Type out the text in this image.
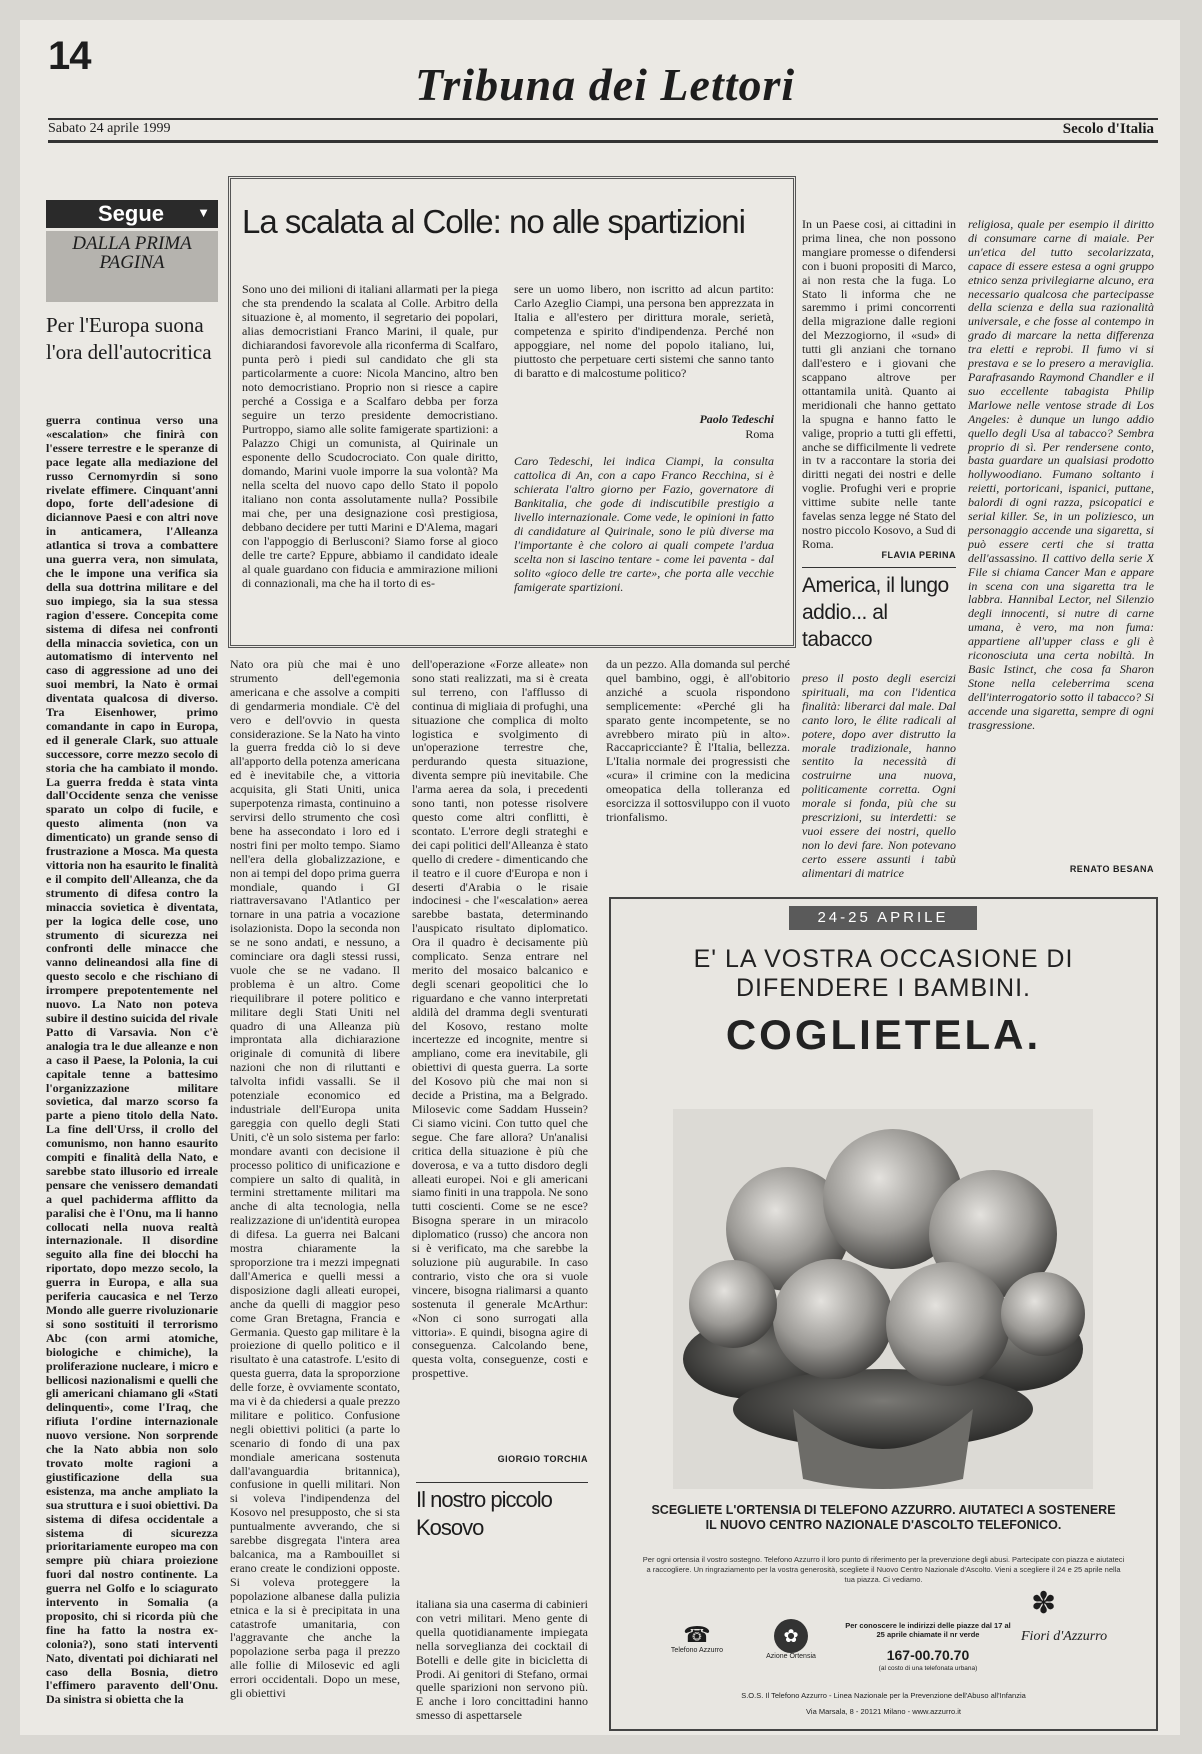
14
Tribuna dei Lettori
Sabato 24 aprile 1999	Secolo d'Italia
Segue	▼
DALLA PRIMA PAGINA
Per l'Europa suona l'ora dell'autocritica

guerra continua verso una «escalation» che finirà con l'essere terrestre e le speranze di pace legate alla mediazione del russo Cernomyrdin si sono rivelate effimere. Cinquant'anni dopo, forte dell'adesione di diciannove Paesi e con altri nove in anticamera, l'Alleanza atlantica si trova a combattere una guerra vera, non simulata, che le impone una verifica sia della sua dottrina militare e del suo impiego, sia la sua stessa ragion d'essere. Concepita come sistema di difesa nei confronti della minaccia sovietica, con un automatismo di intervento nel caso di aggressione ad uno dei suoi membri, la Nato è ormai diventata qualcosa di diverso. Tra Eisenhower, primo comandante in capo in Europa, ed il generale Clark, suo attuale successore, corre mezzo secolo di storia che ha cambiato il mondo. La guerra fredda è stata vinta dall'Occidente senza che venisse sparato un colpo di fucile, e questo alimenta (non va dimenticato) un grande senso di frustrazione a Mosca. Ma questa vittoria non ha esaurito le finalità e il compito dell'Alleanza, che da strumento di difesa contro la minaccia sovietica è diventata, per la logica delle cose, uno strumento di sicurezza nei confronti delle minacce che vanno delineandosi alla fine di questo secolo e che rischiano di irrompere prepotentemente nel nuovo. La Nato non poteva subire il destino suicida del rivale Patto di Varsavia. Non c'è analogia tra le due alleanze e non a caso il Paese, la Polonia, la cui capitale tenne a battesimo l'organizzazione militare sovietica, dal marzo scorso fa parte a pieno titolo della Nato. La fine dell'Urss, il crollo del comunismo, non hanno esaurito compiti e finalità della Nato, e sarebbe stato illusorio ed irreale pensare che venissero demandati a quel pachiderma afflitto da paralisi che è l'Onu, ma li hanno collocati nella nuova realtà internazionale. Il disordine seguito alla fine dei blocchi ha riportato, dopo mezzo secolo, la guerra in Europa, e alla sua periferia caucasica e nel Terzo Mondo alle guerre rivoluzionarie si sono sostituiti il terrorismo Abc (con armi atomiche, biologiche e chimiche), la proliferazione nucleare, i micro e bellicosi nazionalismi e quelli che gli americani chiamano gli «Stati delinquenti», come l'Iraq, che rifiuta l'ordine internazionale nuovo versione. Non sorprende che la Nato abbia non solo trovato molte ragioni a giustificazione della sua esistenza, ma anche ampliato la sua struttura e i suoi obiettivi. Da sistema di difesa occidentale a sistema di sicurezza prioritariamente europeo ma con sempre più chiara proiezione fuori dal nostro continente. La guerra nel Golfo e lo sciagurato intervento in Somalia (a proposito, chi si ricorda più che fine ha fatto la nostra ex-colonia?), sono stati interventi Nato, diventati poi dichiarati nel caso della Bosnia, dietro l'effimero paravento dell'Onu. Da sinistra si obietta che la

Nato ora più che mai è uno strumento dell'egemonia americana e che assolve a compiti di gendarmeria mondiale. C'è del vero e dell'ovvio in questa considerazione. Se la Nato ha vinto la guerra fredda ciò lo si deve all'apporto della potenza americana ed è inevitabile che, a vittoria acquisita, gli Stati Uniti, unica superpotenza rimasta, continuino a servirsi dello strumento che così bene ha assecondato i loro ed i nostri fini per molto tempo. Siamo nell'era della globalizzazione, e non ai tempi del dopo prima guerra mondiale, quando i GI riattraversavano l'Atlantico per tornare in una patria a vocazione isolazionista. Dopo la seconda non se ne sono andati, e nessuno, a cominciare ora dagli stessi russi, vuole che se ne vadano. Il problema è un altro. Come riequilibrare il potere politico e militare degli Stati Uniti nel quadro di una Alleanza più improntata alla dichiarazione originale di comunità di libere nazioni che non di riluttanti e talvolta infidi vassalli. Se il potenziale economico ed industriale dell'Europa unita gareggia con quello degli Stati Uniti, c'è un solo sistema per farlo: mondare avanti con decisione il processo politico di unificazione e compiere un salto di qualità, in termini strettamente militari ma anche di alta tecnologia, nella realizzazione di un'identità europea di difesa. La guerra nei Balcani mostra chiaramente la sproporzione tra i mezzi impegnati dall'America e quelli messi a disposizione dagli alleati europei, anche da quelli di maggior peso come Gran Bretagna, Francia e Germania. Questo gap militare è la proiezione di quello politico e il risultato è una catastrofe. L'esito di questa guerra, data la sproporzione delle forze, è ovviamente scontato, ma vi è da chiedersi a quale prezzo militare e politico. Confusione negli obiettivi politici (a parte lo scenario di fondo di una pax mondiale americana sostenuta dall'avanguardia britannica), confusione in quelli militari. Non si voleva l'indipendenza del Kosovo nel presupposto, che si sta puntualmente avverando, che si sarebbe disgregata l'intera area balcanica, ma a Rambouillet si erano create le condizioni opposte. Si voleva proteggere la popolazione albanese dalla pulizia etnica e la si è precipitata in una catastrofe umanitaria, con l'aggravante che anche la popolazione serba paga il prezzo alle follie di Milosevic ed agli errori occidentali. Dopo un mese, gli obiettivi

dell'operazione «Forze alleate» non sono stati realizzati, ma si è creata sul terreno, con l'afflusso di continua di migliaia di profughi, una situazione che complica di molto logistica e svolgimento di un'operazione terrestre che, perdurando questa situazione, diventa sempre più inevitabile. Che l'arma aerea da sola, i precedenti sono tanti, non potesse risolvere questo come altri conflitti, è scontato. L'errore degli strateghi e dei capi politici dell'Alleanza è stato quello di credere - dimenticando che il teatro e il cuore d'Europa e non i deserti d'Arabia o le risaie indocinesi - che l'«escalation» aerea sarebbe bastata, determinando l'auspicato risultato diplomatico. Ora il quadro è decisamente più complicato. Senza entrare nel merito del mosaico balcanico e degli scenari geopolitici che lo riguardano e che vanno interpretati aldilà del dramma degli sventurati del Kosovo, restano molte incertezze ed incognite, mentre si ampliano, come era inevitabile, gli obiettivi di questa guerra. La sorte del Kosovo più che mai non si decide a Pristina, ma a Belgrado. Milosevic come Saddam Hussein? Ci siamo vicini. Con tutto quel che segue. Che fare allora? Un'analisi critica della situazione è più che doverosa, e va a tutto disdoro degli alleati europei. Noi e gli americani siamo finiti in una trappola. Ne sono tutti coscienti. Come se ne esce? Bisogna sperare in un miracolo diplomatico (russo) che ancora non si è verificato, ma che sarebbe la soluzione più augurabile. In caso contrario, visto che ora si vuole vincere, bisogna rialimarsi a quanto sostenuta il generale McArthur: «Non ci sono surrogati alla vittoria». E quindi, bisogna agire di conseguenza. Calcolando bene, questa volta, conseguenze, costi e prospettive.

GIORGIO TORCHIA
La scalata al Colle: no alle spartizioni

Sono uno dei milioni di italiani allarmati per la piega che sta prendendo la scalata al Colle. Arbitro della situazione è, al momento, il segretario dei popolari, alias democristiani Franco Marini, il quale, pur dichiarandosi favorevole alla riconferma di Scalfaro, punta però i piedi sul candidato che gli sta particolarmente a cuore: Nicola Mancino, altro ben noto democristiano. Proprio non si riesce a capire perché a Cossiga e a Scalfaro debba per forza seguire un terzo presidente democristiano. Purtroppo, siamo alle solite famigerate spartizioni: a Palazzo Chigi un comunista, al Quirinale un esponente dello Scudocrociato. Con quale diritto, domando, Marini vuole imporre la sua volontà? Ma nella scelta del nuovo capo dello Stato il popolo italiano non conta assolutamente nulla? Possibile mai che, per una designazione così prestigiosa, debbano decidere per tutti Marini e D'Alema, magari con l'appoggio di Berlusconi? Siamo forse al gioco delle tre carte? Eppure, abbiamo il candidato ideale al quale guardano con fiducia e ammirazione milioni di connazionali, ma che ha il torto di es-

sere un uomo libero, non iscritto ad alcun partito: Carlo Azeglio Ciampi, una persona ben apprezzata in Italia e all'estero per dirittura morale, serietà, competenza e spirito d'indipendenza. Perché non appoggiare, nel nome del popolo italiano, lui, piuttosto che perpetuare certi sistemi che sanno tanto di baratto e di malcostume politico?

Paolo Tedeschi
Roma

Caro Tedeschi, lei indica Ciampi, la consulta cattolica di An, con a capo Franco Recchina, si è schierata l'altro giorno per Fazio, governatore di Bankitalia, che gode di indiscutibile prestigio a livello internazionale. Come vede, le opinioni in fatto di candidature al Quirinale, sono le più diverse ma l'importante è che coloro ai quali compete l'ardua scelta non si lascino tentare - come lei paventa - dal solito «gioco delle tre carte», che porta alle vecchie famigerate spartizioni.

In un Paese cosi, ai cittadini in prima linea, che non possono mangiare promesse o difendersi con i buoni propositi di Marco, ai non resta che la fuga. Lo Stato li informa che ne saremmo i primi concorrenti della migrazione dalle regioni del Mezzogiorno, il «sud» di tutti gli anziani che tornano dall'estero e i giovani che scappano altrove per ottantamila unità. Quanto ai meridionali che hanno gettato la spugna e hanno fatto le valige, proprio a tutti gli effetti, anche se difficilmente li vedrete in tv a raccontare la storia dei diritti negati dei nostri e delle voglie. Profughi veri e proprie vittime subite nelle tante favelas senza legge né Stato del nostro piccolo Kosovo, a Sud di Roma.

FLAVIA PERINA
America, il lungo addio... al tabacco

religiosa, quale per esempio il diritto di consumare carne di maiale. Per un'etica del tutto secolarizzata, capace di essere estesa a ogni gruppo etnico senza privilegiarne alcuno, era necessario qualcosa che partecipasse della scienza e della sua razionalità universale, e che fosse al contempo in grado di marcare la netta differenza tra eletti e reprobi. Il fumo vi si prestava e se lo presero a meraviglia. Parafrasando Raymond Chandler e il suo eccellente tabagista Philip Marlowe nelle ventose strade di Los Angeles: è dunque un lungo addio quello degli Usa al tabacco? Sembra proprio di sì. Per rendersene conto, basta guardare un qualsiasi prodotto hollywoodiano. Fumano soltanto i reietti, portoricani, ispanici, puttane, balordi di ogni razza, psicopatici e serial killer. Se, in un poliziesco, un personaggio accende una sigaretta, si può essere certi che si tratta dell'assassino. Il cattivo della serie X File si chiama Cancer Man e appare in scena con una sigaretta tra le labbra. Hannibal Lector, nel Silenzio degli innocenti, si nutre di carne umana, è vero, ma non fuma: appartiene all'upper class e gli è riconosciuta una certa nobiltà. In Basic Istinct, che cosa fa Sharon Stone nella celeberrima scena dell'interrogatorio sotto il tabacco? Si accende una sigaretta, sempre di ogni trasgressione.

preso il posto degli esercizi spirituali, ma con l'identica finalità: liberarci dal male. Dal canto loro, le élite radicali al potere, dopo aver distrutto la morale tradizionale, hanno sentito la necessità di costruirne una nuova, politicamente corretta. Ogni morale si fonda, più che su prescrizioni, su interdetti: se vuoi essere dei nostri, quello non lo devi fare. Non potevano certo essere assunti i tabù alimentari di matrice	RENATO BESANA

da un pezzo. Alla domanda sul perché quel bambino, oggi, è all'obitorio anziché a scuola rispondono semplicemente: «Perché gli ha sparato gente incompetente, se no avrebbero mirato più in alto». Raccapricciante? È l'Italia, bellezza. L'Italia normale dei progressisti che «cura» il crimine con la medicina omeopatica della tolleranza ed esorcizza il sottosviluppo con il vuoto trionfalismo.

Il nostro piccolo Kosovo

italiana sia una caserma di cabinieri con vetri militari. Meno gente di quella quotidianamente impiegata nella sorveglianza dei cocktail di Botelli e delle gite in bicicletta di Prodi. Ai genitori di Stefano, ormai quelle sparizioni non servono più. E anche i loro concittadini hanno smesso di aspettarsele

24-25 APRILE
E' LA VOSTRA OCCASIONE DI DIFENDERE I BAMBINI.
COGLIETELA.
SCEGLIETE L'ORTENSIA DI TELEFONO AZZURRO. AIUTATECI A SOSTENERE IL NUOVO CENTRO NAZIONALE D'ASCOLTO TELEFONICO.
Per ogni ortensia il vostro sostegno. Telefono Azzurro il loro punto di riferimento per la prevenzione degli abusi. Partecipate con piazza e aiutateci a raccogliere. Un ringraziamento per la vostra generosità, scegliete il Nuovo Centro Nazionale d'Ascolto. Vieni a scegliere il 24 e 25 aprile nella tua piazza. Ci vediamo.
☎
Telefono Azzurro
✿
Azione Ortensia
Per conoscere le indirizzi delle piazze dal 17 al 25 aprile chiamate il nr verde
167-00.70.70
(al costo di una telefonata urbana)
✽
Fiori d'Azzurro
S.O.S. Il Telefono Azzurro - Linea Nazionale per la Prevenzione dell'Abuso all'Infanzia
Via Marsala, 8 - 20121 Milano - www.azzurro.it
